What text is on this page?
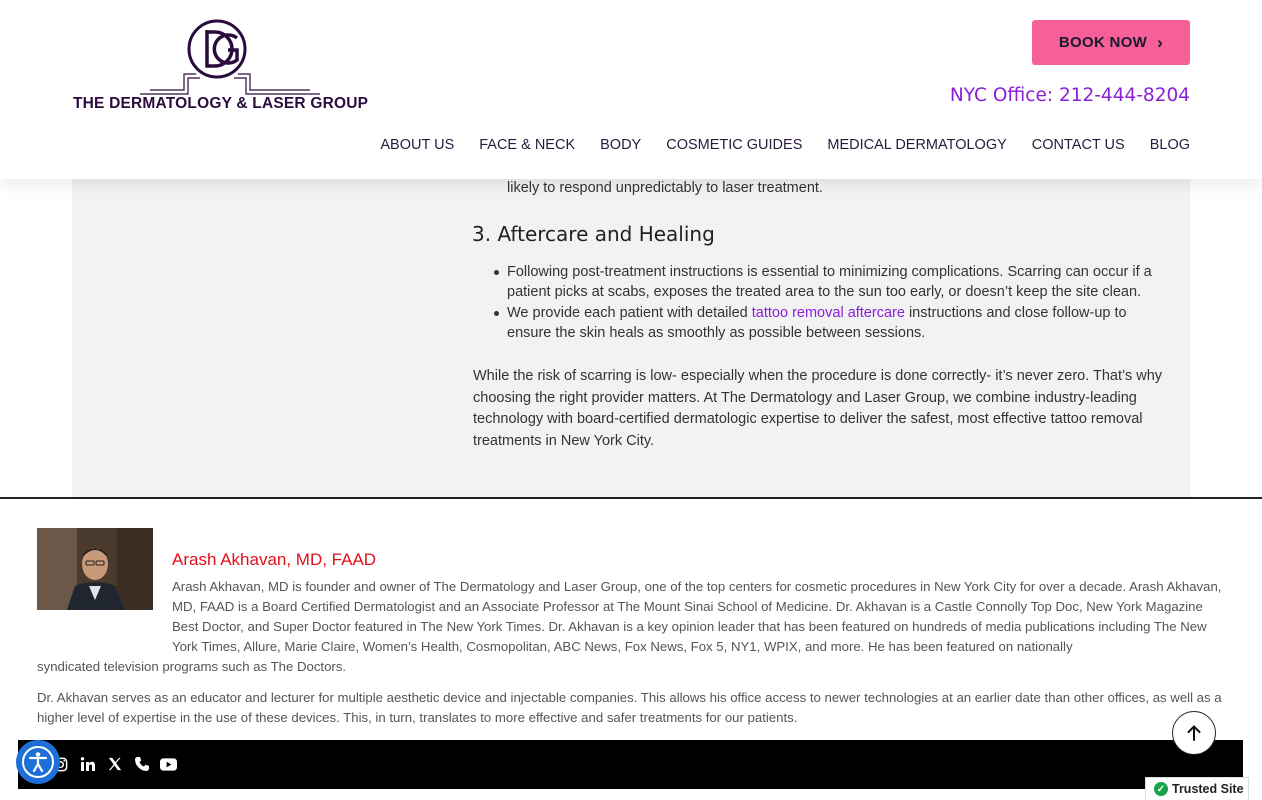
likely to respond unpredictably to laser treatment.
3. Aftercare and Healing
Following post-treatment instructions is essential to minimizing complications. Scarring can occur if a patient picks at scabs, exposes the treated area to the sun too early, or doesn’t keep the site clean.
We provide each patient with detailed tattoo removal aftercare instructions and close follow-up to ensure the skin heals as smoothly as possible between sessions.

While the risk of scarring is low- especially when the procedure is done correctly- it’s never zero. That’s why choosing the right provider matters. At The Dermatology and Laser Group, we combine industry-leading technology with board-certified dermatologic expertise to deliver the safest, most effective tattoo removal treatments in New York City.

THE DERMATOLOGY & LASER GROUP
BOOK NOW ›
NYC Office: 212-444-8204
ABOUT US FACE & NECK BODY COSMETIC GUIDES MEDICAL DERMATOLOGY CONTACT US BLOG
Arash Akhavan, MD, FAAD

Arash Akhavan, MD is founder and owner of The Dermatology and Laser Group, one of the top centers for cosmetic procedures in New York City for over a decade. Arash Akhavan, MD, FAAD is a Board Certified Dermatologist and an Associate Professor at The Mount Sinai School of Medicine. Dr. Akhavan is a Castle Connolly Top Doc, New York Magazine Best Doctor, and Super Doctor featured in The New York Times. Dr. Akhavan is a key opinion leader that has been featured on hundreds of media publications including The New York Times, Allure, Marie Claire, Women’s Health, Cosmopolitan, ABC News, Fox News, Fox 5, NY1, WPIX, and more. He has been featured on nationally

syndicated television programs such as The Doctors.

Dr. Akhavan serves as an educator and lecturer for multiple aesthetic device and injectable companies. This allows his office access to newer technologies at an earlier date than other offices, as well as a higher level of expertise in the use of these devices. This, in turn, translates to more effective and safer treatments for our patients.

✓ Trusted Site
